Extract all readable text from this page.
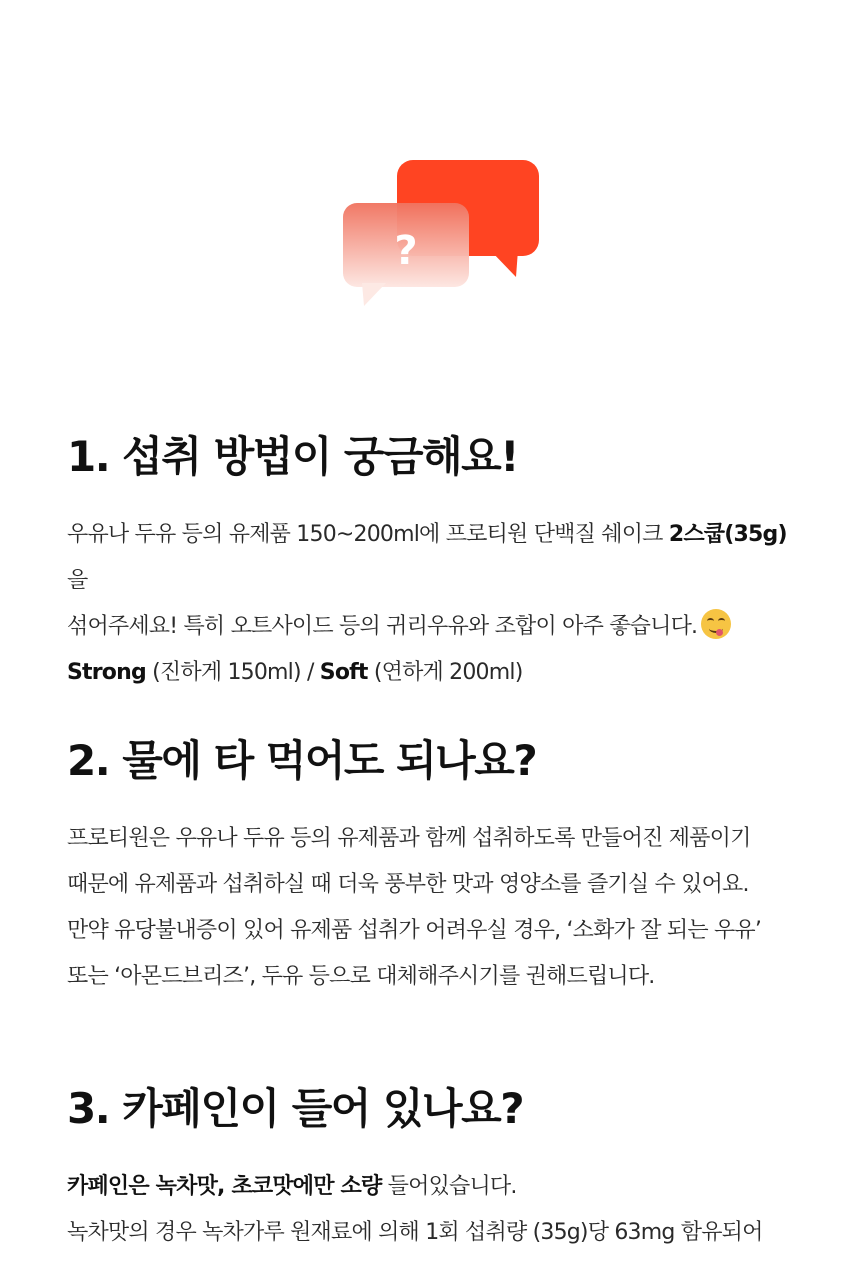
?
1. 섭취 방법이 궁금해요!

우유나 두유 등의 유제품 150~200ml에 프로티원 단백질 쉐이크 2스쿱(35g)을
섞어주세요! 특히 오트사이드 등의 귀리우유와 조합이 아주 좋습니다.

Strong (진하게 150ml) / Soft (연하게 200ml)

2. 물에 타 먹어도 되나요?

프로티원은 우유나 두유 등의 유제품과 함께 섭취하도록 만들어진 제품이기
때문에 유제품과 섭취하실 때 더욱 풍부한 맛과 영양소를 즐기실 수 있어요.
만약 유당불내증이 있어 유제품 섭취가 어려우실 경우, ‘소화가 잘 되는 우유’
또는 ‘아몬드브리즈’, 두유 등으로 대체해주시기를 권해드립니다.

3. 카페인이 들어 있나요?

카페인은 녹차맛, 초코맛에만 소량 들어있습니다.
녹차맛의 경우 녹차가루 원재료에 의해 1회 섭취량 (35g)당 63mg 함유되어
